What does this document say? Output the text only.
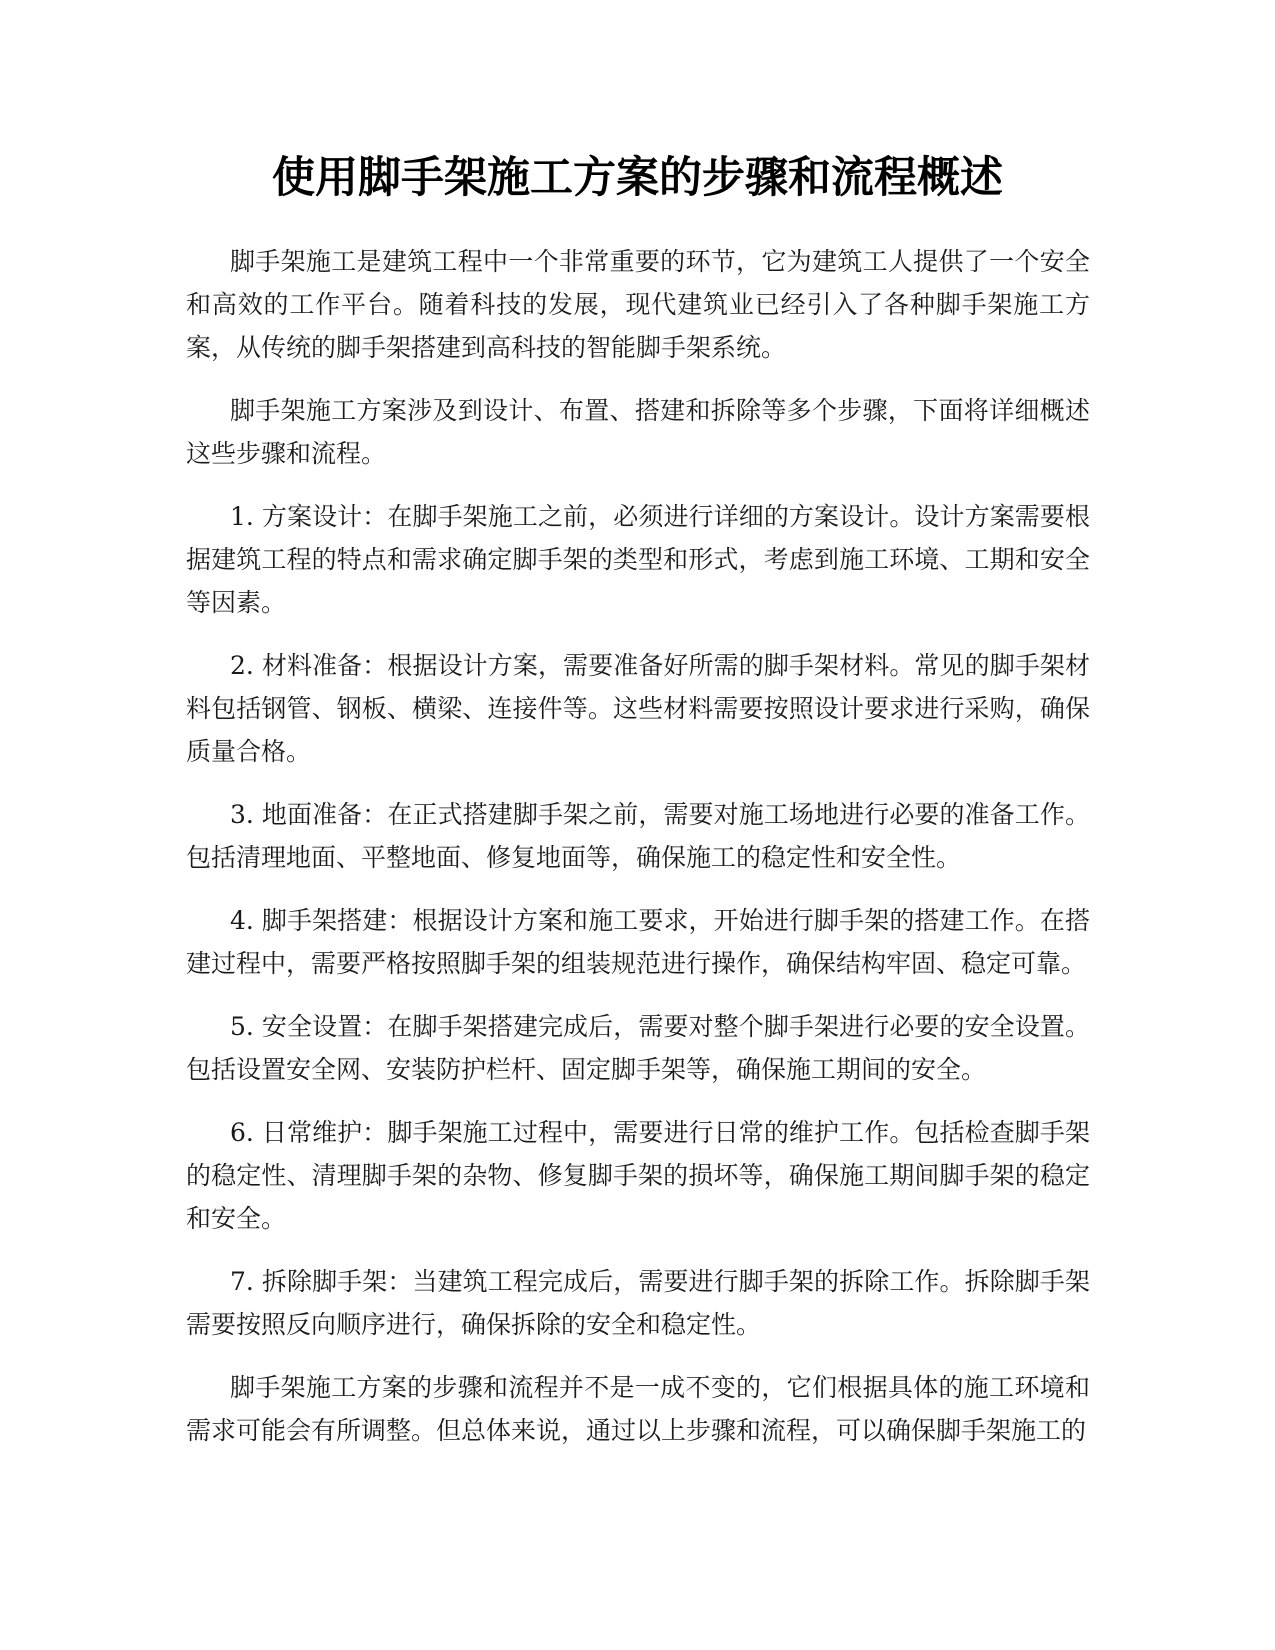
使用脚手架施工方案的步骤和流程概述

脚手架施工是建筑工程中一个非常重要的环节，它为建筑工人提供了一个安全和高效的工作平台。随着科技的发展，现代建筑业已经引入了各种脚手架施工方案，从传统的脚手架搭建到高科技的智能脚手架系统。

脚手架施工方案涉及到设计、布置、搭建和拆除等多个步骤，下面将详细概述这些步骤和流程。

1. 方案设计：在脚手架施工之前，必须进行详细的方案设计。设计方案需要根据建筑工程的特点和需求确定脚手架的类型和形式，考虑到施工环境、工期和安全等因素。

2. 材料准备：根据设计方案，需要准备好所需的脚手架材料。常见的脚手架材料包括钢管、钢板、横梁、连接件等。这些材料需要按照设计要求进行采购，确保质量合格。

3. 地面准备：在正式搭建脚手架之前，需要对施工场地进行必要的准备工作。包括清理地面、平整地面、修复地面等，确保施工的稳定性和安全性。

4. 脚手架搭建：根据设计方案和施工要求，开始进行脚手架的搭建工作。在搭建过程中，需要严格按照脚手架的组装规范进行操作，确保结构牢固、稳定可靠。

5. 安全设置：在脚手架搭建完成后，需要对整个脚手架进行必要的安全设置。包括设置安全网、安装防护栏杆、固定脚手架等，确保施工期间的安全。

6. 日常维护：脚手架施工过程中，需要进行日常的维护工作。包括检查脚手架的稳定性、清理脚手架的杂物、修复脚手架的损坏等，确保施工期间脚手架的稳定和安全。

7. 拆除脚手架：当建筑工程完成后，需要进行脚手架的拆除工作。拆除脚手架需要按照反向顺序进行，确保拆除的安全和稳定性。

脚手架施工方案的步骤和流程并不是一成不变的，它们根据具体的施工环境和需求可能会有所调整。但总体来说，通过以上步骤和流程，可以确保脚手架施工的
